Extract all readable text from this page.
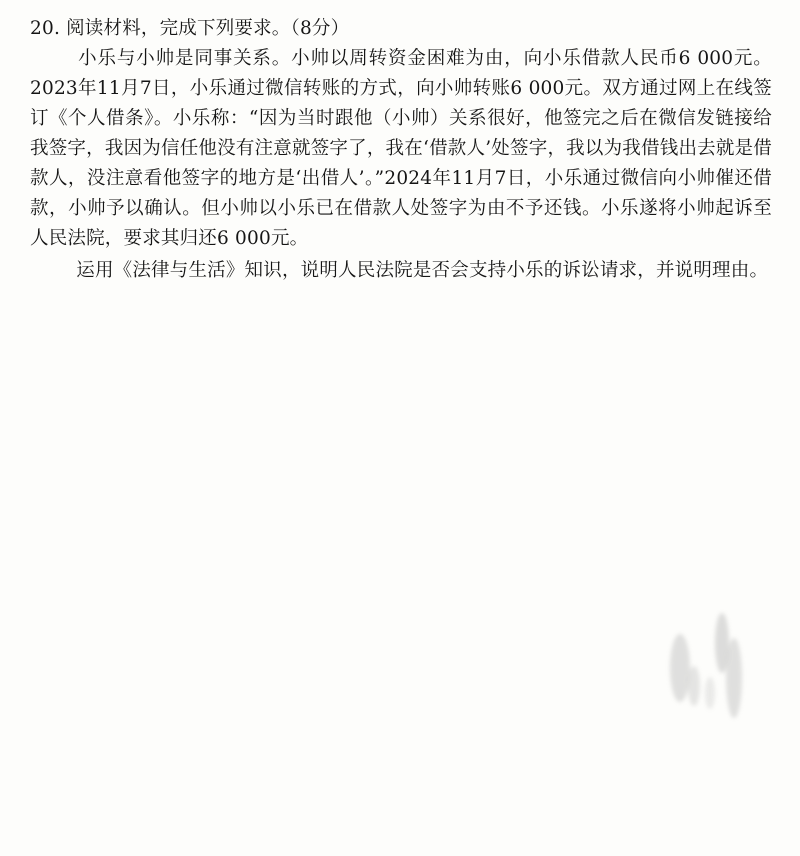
20. 阅读材料，完成下列要求。（8分）

小乐与小帅是同事关系。小帅以周转资金困难为由，向小乐借款人民币6 000元。2023年11月7日，小乐通过微信转账的方式，向小帅转账6 000元。双方通过网上在线签订《个人借条》。小乐称：“因为当时跟他（小帅）关系很好，他签完之后在微信发链接给我签字，我因为信任他没有注意就签字了，我在‘借款人’处签字，我以为我借钱出去就是借款人，没注意看他签字的地方是‘出借人’。”2024年11月7日，小乐通过微信向小帅催还借款，小帅予以确认。但小帅以小乐已在借款人处签字为由不予还钱。小乐遂将小帅起诉至人民法院，要求其归还6 000元。

运用《法律与生活》知识，说明人民法院是否会支持小乐的诉讼请求，并说明理由。
